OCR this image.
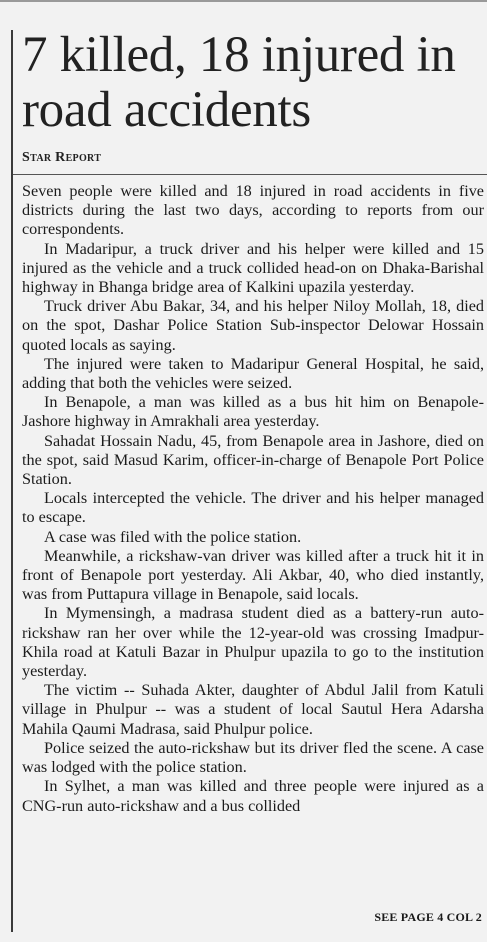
7 killed, 18 injured in road accidents
Star Report

Seven people were killed and 18 injured in road accidents in five districts during the last two days, according to reports from our correspondents.

In Madaripur, a truck driver and his helper were killed and 15 injured as the vehicle and a truck collided head-on on Dhaka-Barishal highway in Bhanga bridge area of Kalkini upazila yesterday.

Truck driver Abu Bakar, 34, and his helper Niloy Mollah, 18, died on the spot, Dashar Police Station Sub-inspector Delowar Hossain quoted locals as saying.

The injured were taken to Madaripur General Hospital, he said, adding that both the vehicles were seized.

In Benapole, a man was killed as a bus hit him on Benapole-Jashore highway in Amrakhali area yesterday.

Sahadat Hossain Nadu, 45, from Benapole area in Jashore, died on the spot, said Masud Karim, officer-in-charge of Benapole Port Police Station.

Locals intercepted the vehicle. The driver and his helper managed to escape.

A case was filed with the police station.

Meanwhile, a rickshaw-van driver was killed after a truck hit it in front of Benapole port yesterday. Ali Akbar, 40, who died instantly, was from Puttapura village in Benapole, said locals.

In Mymensingh, a madrasa student died as a battery-run auto-rickshaw ran her over while the 12-year-old was crossing Imadpur-Khila road at Katuli Bazar in Phulpur upazila to go to the institution yesterday.

The victim -- Suhada Akter, daughter of Abdul Jalil from Katuli village in Phulpur -- was a student of local Sautul Hera Adarsha Mahila Qaumi Madrasa, said Phulpur police.

Police seized the auto-rickshaw but its driver fled the scene. A case was lodged with the police station.

In Sylhet, a man was killed and three people were injured as a CNG-run auto-rickshaw and a bus collided

SEE PAGE 4 COL 2
